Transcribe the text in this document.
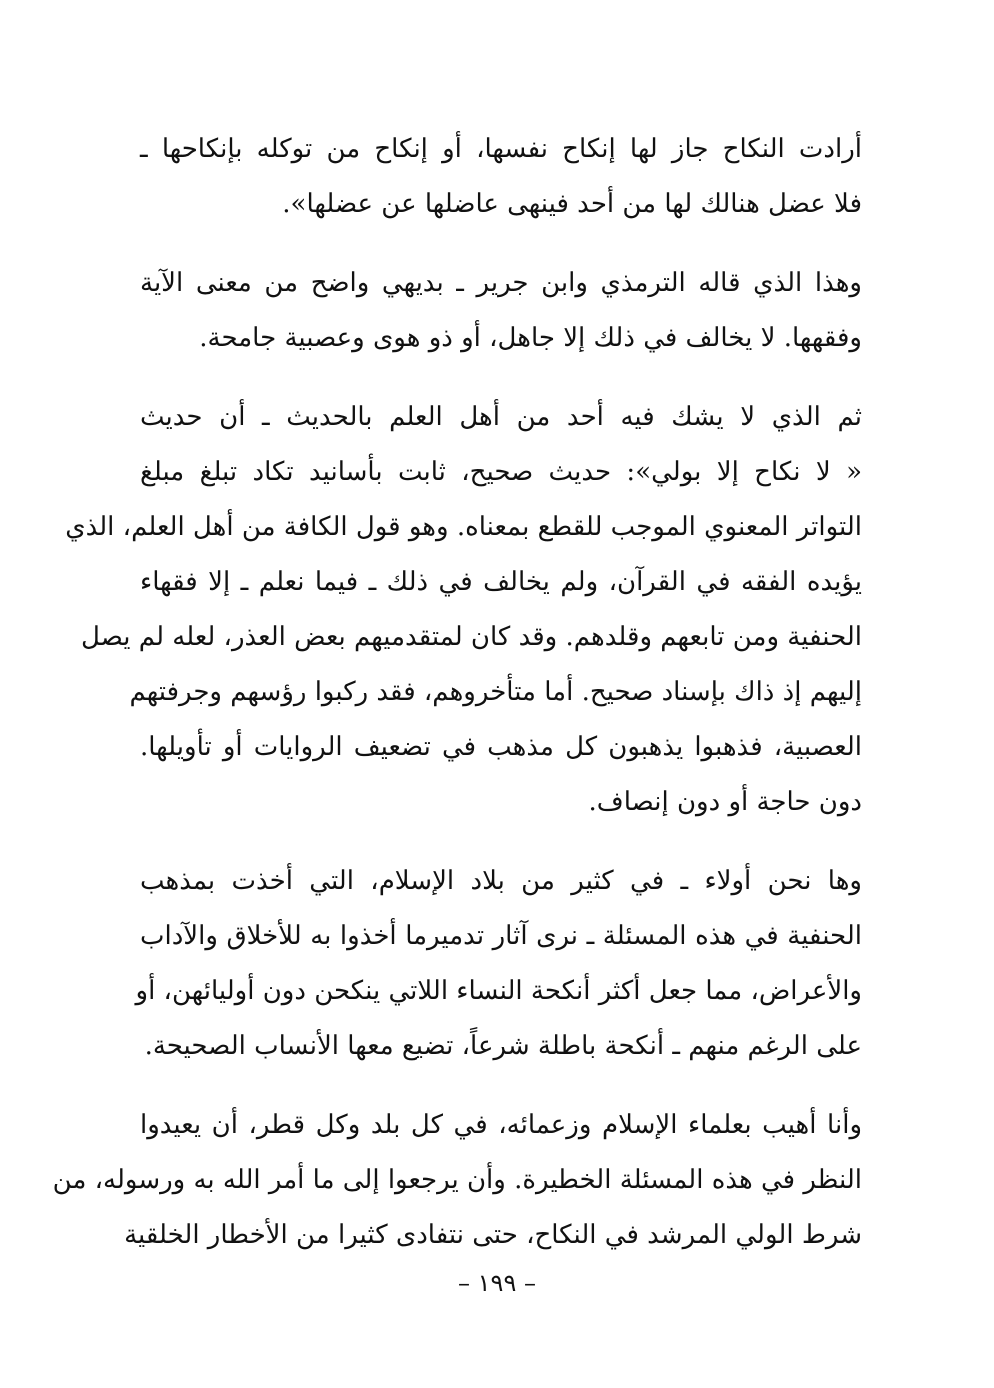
أرادت النكاح جاز لها إنكاح نفسها، أو إنكاح من توكله بإنكاحها ـ
فلا عضل هنالك لها من أحد فينهى عاضلها عن عضلها».

وهذا الذي قاله الترمذي وابن جرير ـ بديهي واضح من معنى الآية
وفقهها. لا يخالف في ذلك إلا جاهل، أو ذو هوى وعصبية جامحة.

ثم الذي لا يشك فيه أحد من أهل العلم بالحديث ـ أن حديث
« لا نكاح إلا بولي»: حديث صحيح، ثابت بأسانيد تكاد تبلغ مبلغ
التواتر المعنوي الموجب للقطع بمعناه. وهو قول الكافة من أهل العلم، الذي
يؤيده الفقه في القرآن، ولم يخالف في ذلك ـ فيما نعلم ـ إلا فقهاء
الحنفية ومن تابعهم وقلدهم. وقد كان لمتقدميهم بعض العذر، لعله لم يصل
إليهم إذ ذاك بإسناد صحيح. أما متأخروهم، فقد ركبوا رؤسهم وجرفتهم
العصبية، فذهبوا يذهبون كل مذهب في تضعيف الروايات أو تأويلها.
دون حاجة أو دون إنصاف.

وها نحن أولاء ـ في كثير من بلاد الإسلام، التي أخذت بمذهب
الحنفية في هذه المسئلة ـ نرى آثار تدميرما أخذوا به للأخلاق والآداب
والأعراض، مما جعل أكثر أنكحة النساء اللاتي ينكحن دون أوليائهن، أو
على الرغم منهم ـ أنكحة باطلة شرعاً، تضيع معها الأنساب الصحيحة.

وأنا أهيب بعلماء الإسلام وزعمائه، في كل بلد وكل قطر، أن يعيدوا
النظر في هذه المسئلة الخطيرة. وأن يرجعوا إلى ما أمر الله به ورسوله، من
شرط الولي المرشد في النكاح، حتى نتفادى كثيرا من الأخطار الخلقية

– ١٩٩ –
